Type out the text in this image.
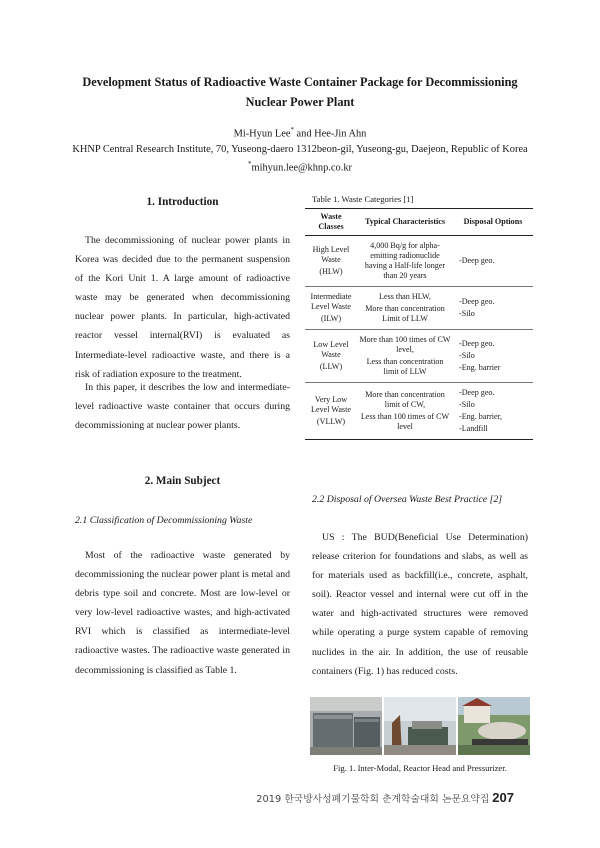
Development Status of Radioactive Waste Container Package for Decommissioning
Nuclear Power Plant
Mi-Hyun Lee* and Hee-Jin Ahn
KHNP Central Research Institute, 70, Yuseong-daero 1312beon-gil, Yuseong-gu, Daejeon, Republic of Korea
*mihyun.lee@khnp.co.kr
1. Introduction
The decommissioning of nuclear power plants in Korea was decided due to the permanent suspension of the Kori Unit 1. A large amount of radioactive waste may be generated when decommissioning nuclear power plants. In particular, high-activated reactor vessel internal(RVI) is evaluated as Intermediate-level radioactive waste, and there is a risk of radiation exposure to the treatment.
In this paper, it describes the low and intermediate-level radioactive waste container that occurs during decommissioning at nuclear power plants.
2. Main Subject
2.1 Classification of Decommissioning Waste
Most of the radioactive waste generated by decommissioning the nuclear power plant is metal and debris type soil and concrete. Most are low-level or very low-level radioactive wastes, and high-activated RVI which is classified as intermediate-level radioactive wastes. The radioactive waste generated in decommissioning is classified as Table 1.
Table 1. Waste Categories [1]
Waste Classes	Typical Characteristics	Disposal Options

High Level Waste
(HLW)	4,000 Bq/g for alpha-emitting radionuclide having a Half-life longer than 20 years	-Deep geo.

Intermediate Level Waste
(ILW)	Less than HLW,
More than concentration Limit of LLW	-Deep geo.
-Silo

Low Level Waste
(LLW)	More than 100 times of CW level,
Less than concentration limit of LLW	-Deep geo.
-Silo
-Eng. barrier

Very Low Level Waste
(VLLW)	More than concentration limit of CW,
Less than 100 times of CW level	-Deep geo.
-Silo
-Eng. barrier,
-Landfill
2.2 Disposal of Oversea Waste Best Practice [2]
US : The BUD(Beneficial Use Determination) release criterion for foundations and slabs, as well as for materials used as backfill(i.e., concrete, asphalt, soil). Reactor vessel and internal were cut off in the water and high-activated structures were removed while operating a purge system capable of removing nuclides in the air. In addition, the use of reusable containers (Fig. 1) has reduced costs.
Fig. 1. Inter-Modal, Reactor Head and Pressurizer.
2019 한국방사성폐기물학회 춘계학술대회 논문요약집 207
